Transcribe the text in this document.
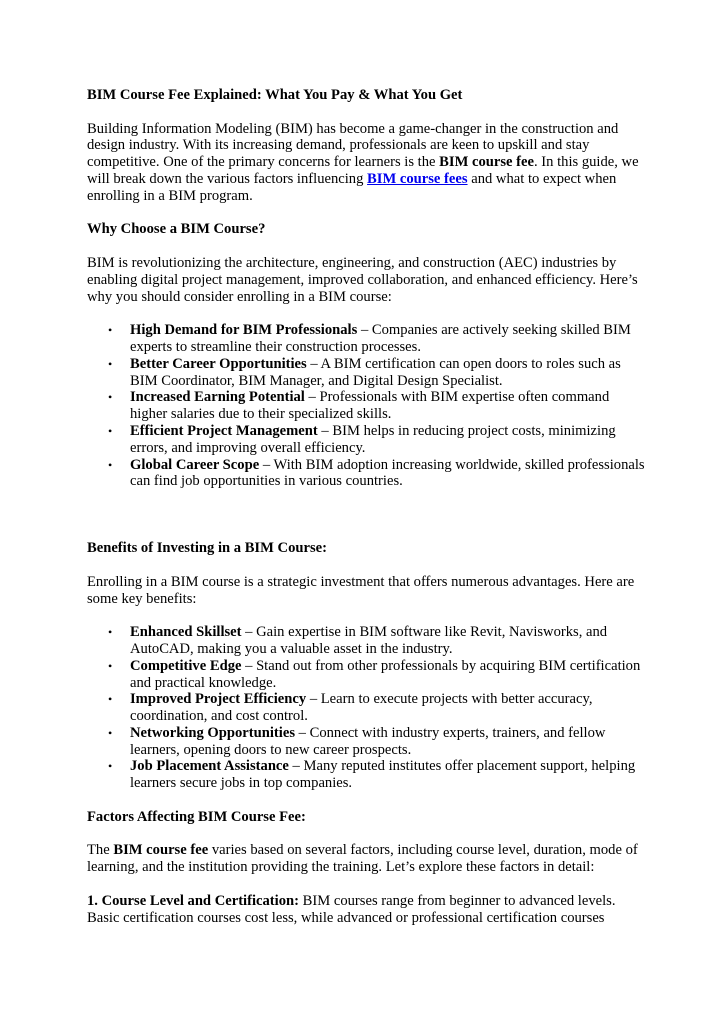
BIM Course Fee Explained: What You Pay & What You Get

Building Information Modeling (BIM) has become a game-changer in the construction and design industry. With its increasing demand, professionals are keen to upskill and stay competitive. One of the primary concerns for learners is the BIM course fee. In this guide, we will break down the various factors influencing BIM course fees and what to expect when enrolling in a BIM program.

Why Choose a BIM Course?

BIM is revolutionizing the architecture, engineering, and construction (AEC) industries by enabling digital project management, improved collaboration, and enhanced efficiency. Here’s why you should consider enrolling in a BIM course:

• High Demand for BIM Professionals – Companies are actively seeking skilled BIM experts to streamline their construction processes.
• Better Career Opportunities – A BIM certification can open doors to roles such as BIM Coordinator, BIM Manager, and Digital Design Specialist.
• Increased Earning Potential – Professionals with BIM expertise often command higher salaries due to their specialized skills.
• Efficient Project Management – BIM helps in reducing project costs, minimizing errors, and improving overall efficiency.
• Global Career Scope – With BIM adoption increasing worldwide, skilled professionals can find job opportunities in various countries.

Benefits of Investing in a BIM Course:

Enrolling in a BIM course is a strategic investment that offers numerous advantages. Here are some key benefits:

• Enhanced Skillset – Gain expertise in BIM software like Revit, Navisworks, and AutoCAD, making you a valuable asset in the industry.
• Competitive Edge – Stand out from other professionals by acquiring BIM certification and practical knowledge.
• Improved Project Efficiency – Learn to execute projects with better accuracy, coordination, and cost control.
• Networking Opportunities – Connect with industry experts, trainers, and fellow learners, opening doors to new career prospects.
• Job Placement Assistance – Many reputed institutes offer placement support, helping learners secure jobs in top companies.

Factors Affecting BIM Course Fee:

The BIM course fee varies based on several factors, including course level, duration, mode of learning, and the institution providing the training. Let’s explore these factors in detail:

1. Course Level and Certification: BIM courses range from beginner to advanced levels. Basic certification courses cost less, while advanced or professional certification courses
